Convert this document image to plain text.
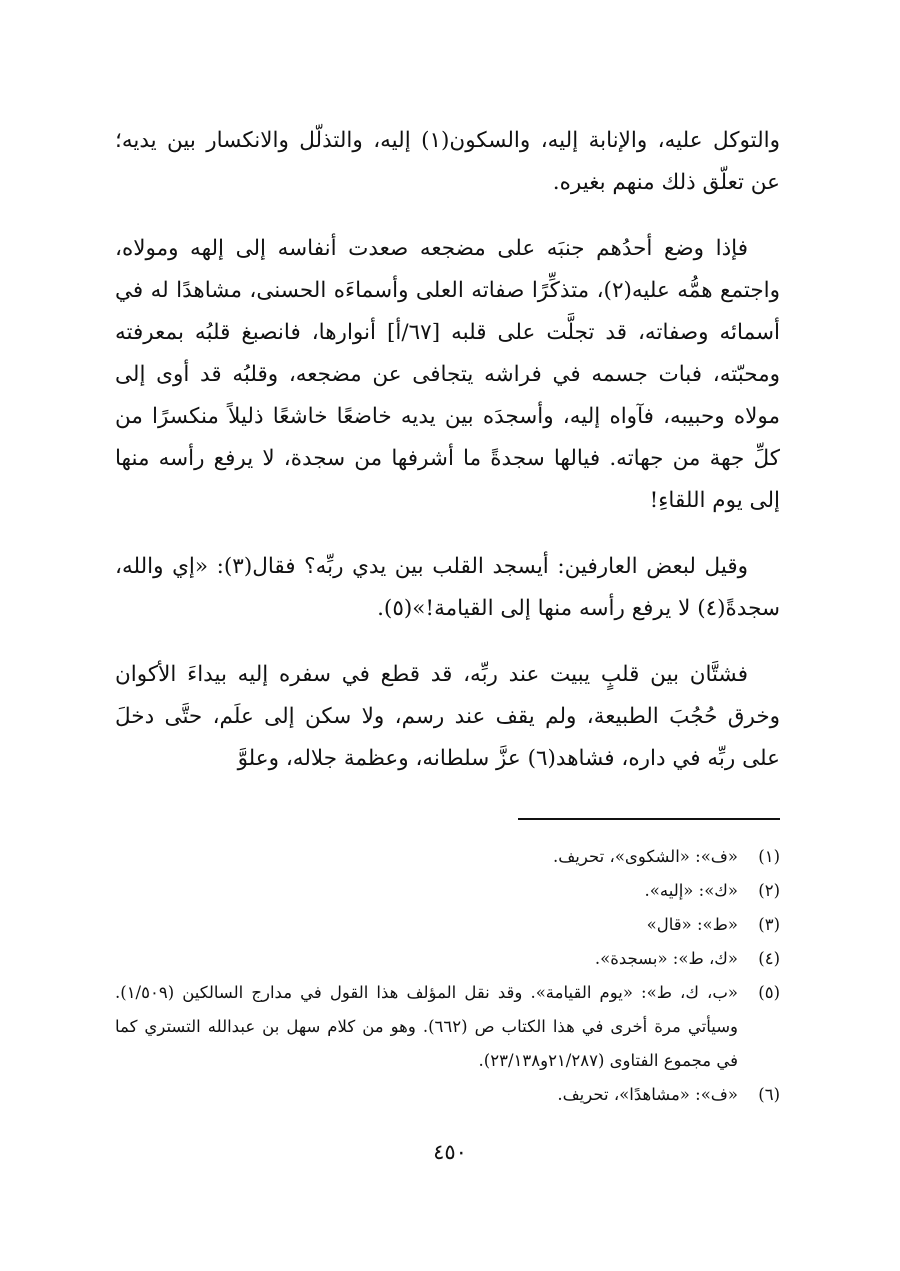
والتوكل عليه، والإنابة إليه، والسكون(١) إليه، والتذلّل والانكسار بين يديه؛ عن تعلّق ذلك منهم بغيره.

فإذا وضع أحدُهم جنبَه على مضجعه صعدت أنفاسه إلى إلهه ومولاه، واجتمع همُّه عليه(٢)، متذكِّرًا صفاته العلى وأسماءَه الحسنى، مشاهدًا له في أسمائه وصفاته، قد تجلَّت على قلبه [٦٧/أ] أنوارها، فانصبغ قلبُه بمعرفته ومحبّته، فبات جسمه في فراشه يتجافى عن مضجعه، وقلبُه قد أوى إلى مولاه وحبيبه، فآواه إليه، وأسجدَه بين يديه خاضعًا خاشعًا ذليلاً منكسرًا من كلِّ جهة من جهاته. فيالها سجدةً ما أشرفها من سجدة، لا يرفع رأسه منها إلى يوم اللقاءِ!

وقيل لبعض العارفين: أيسجد القلب بين يدي ربِّه؟ فقال(٣): «إي والله، سجدةً(٤) لا يرفع رأسه منها إلى القيامة!»(٥).

فشتَّان بين قلبٍ يبيت عند ربِّه، قد قطع في سفره إليه بيداءَ الأكوان وخرق حُجُبَ الطبيعة، ولم يقف عند رسم، ولا سكن إلى علَم، حتَّى دخلَ على ربِّه في داره، فشاهد(٦) عزَّ سلطانه، وعظمة جلاله، وعلوَّ

(١)
«ف»: «الشكوى»، تحريف.
(٢)
«ك»: «إليه».
(٣)
«ط»: «قال»
(٤)
«ك، ط»: «بسجدة».
(٥)
«ب، ك، ط»: «يوم القيامة». وقد نقل المؤلف هذا القول في مدارج السالكين (١/٥٠٩). وسيأتي مرة أخرى في هذا الكتاب ص (٦٦٢). وهو من كلام سهل بن عبدالله التستري كما في مجموع الفتاوى (٢١/٢٨٧و٢٣/١٣٨).
(٦)
«ف»: «مشاهدًا»، تحريف.
٤٥٠
